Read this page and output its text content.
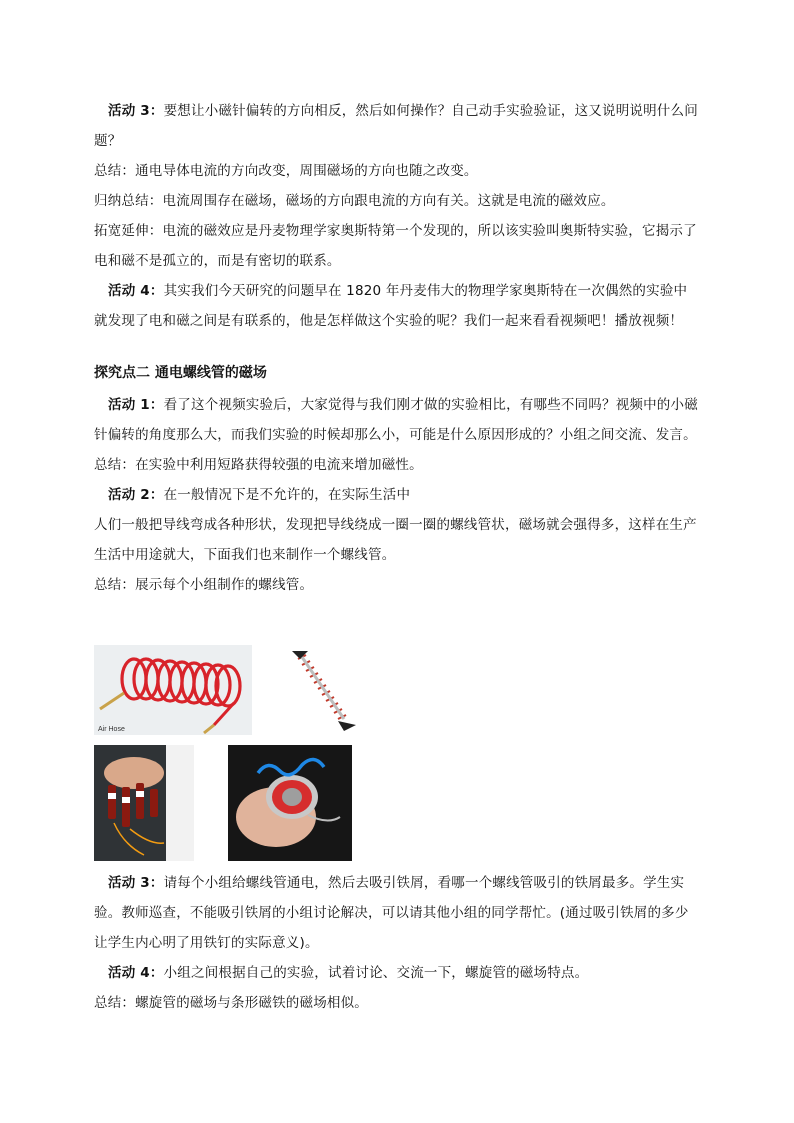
活动 3：要想让小磁针偏转的方向相反，然后如何操作？自己动手实验验证，这又说明说明什么问题？

总结：通电导体电流的方向改变，周围磁场的方向也随之改变。

归纳总结：电流周围存在磁场，磁场的方向跟电流的方向有关。这就是电流的磁效应。

拓宽延伸：电流的磁效应是丹麦物理学家奥斯特第一个发现的，所以该实验叫奥斯特实验，它揭示了电和磁不是孤立的，而是有密切的联系。

活动 4：其实我们今天研究的问题早在 1820 年丹麦伟大的物理学家奥斯特在一次偶然的实验中就发现了电和磁之间是有联系的，他是怎样做这个实验的呢？我们一起来看看视频吧！播放视频！

探究点二 通电螺线管的磁场

活动 1：看了这个视频实验后，大家觉得与我们刚才做的实验相比，有哪些不同吗？视频中的小磁针偏转的角度那么大，而我们实验的时候却那么小，可能是什么原因形成的？小组之间交流、发言。

总结：在实验中利用短路获得较强的电流来增加磁性。

活动 2：在一般情况下是不允许的，在实际生活中

人们一般把导线弯成各种形状，发现把导线绕成一圈一圈的螺线管状，磁场就会强得多，这样在生产生活中用途就大，下面我们也来制作一个螺线管。

总结：展示每个小组制作的螺线管。

Air Hose

活动 3：请每个小组给螺线管通电，然后去吸引铁屑，看哪一个螺线管吸引的铁屑最多。学生实验。教师巡查，不能吸引铁屑的小组讨论解决，可以请其他小组的同学帮忙。(通过吸引铁屑的多少让学生内心明了用铁钉的实际意义)。

活动 4：小组之间根据自己的实验，试着讨论、交流一下，螺旋管的磁场特点。

总结：螺旋管的磁场与条形磁铁的磁场相似。
